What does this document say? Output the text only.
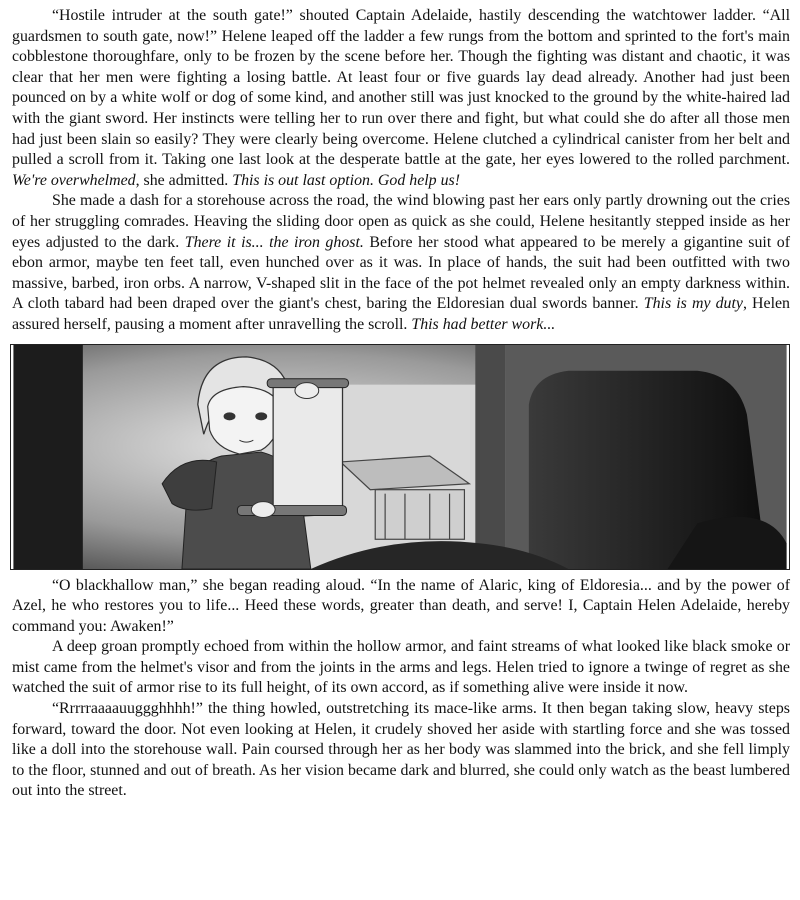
“Hostile intruder at the south gate!” shouted Captain Adelaide, hastily descending the watchtower ladder. “All guardsmen to south gate, now!” Helene leaped off the ladder a few rungs from the bottom and sprinted to the fort's main cobblestone thoroughfare, only to be frozen by the scene before her. Though the fighting was distant and chaotic, it was clear that her men were fighting a losing battle. At least four or five guards lay dead already. Another had just been pounced on by a white wolf or dog of some kind, and another still was just knocked to the ground by the white-haired lad with the giant sword. Her instincts were telling her to run over there and fight, but what could she do after all those men had just been slain so easily? They were clearly being overcome. Helene clutched a cylindrical canister from her belt and pulled a scroll from it. Taking one last look at the desperate battle at the gate, her eyes lowered to the rolled parchment. We're overwhelmed, she admitted. This is out last option. God help us!

She made a dash for a storehouse across the road, the wind blowing past her ears only partly drowning out the cries of her struggling comrades. Heaving the sliding door open as quick as she could, Helene hesitantly stepped inside as her eyes adjusted to the dark. There it is... the iron ghost. Before her stood what appeared to be merely a gigantine suit of ebon armor, maybe ten feet tall, even hunched over as it was. In place of hands, the suit had been outfitted with two massive, barbed, iron orbs. A narrow, V-shaped slit in the face of the pot helmet revealed only an empty darkness within. A cloth tabard had been draped over the giant's chest, baring the Eldoresian dual swords banner. This is my duty, Helen assured herself, pausing a moment after unravelling the scroll. This had better work...

“O blackhallow man,” she began reading aloud. “In the name of Alaric, king of Eldoresia... and by the power of Azel, he who restores you to life... Heed these words, greater than death, and serve! I, Captain Helen Adelaide, hereby command you: Awaken!”

A deep groan promptly echoed from within the hollow armor, and faint streams of what looked like black smoke or mist came from the helmet's visor and from the joints in the arms and legs. Helen tried to ignore a twinge of regret as she watched the suit of armor rise to its full height, of its own accord, as if something alive were inside it now.

“Rrrrraaaauuggghhhh!” the thing howled, outstretching its mace-like arms. It then began taking slow, heavy steps forward, toward the door. Not even looking at Helen, it crudely shoved her aside with startling force and she was tossed like a doll into the storehouse wall. Pain coursed through her as her body was slammed into the brick, and she fell limply to the floor, stunned and out of breath. As her vision became dark and blurred, she could only watch as the beast lumbered out into the street.
